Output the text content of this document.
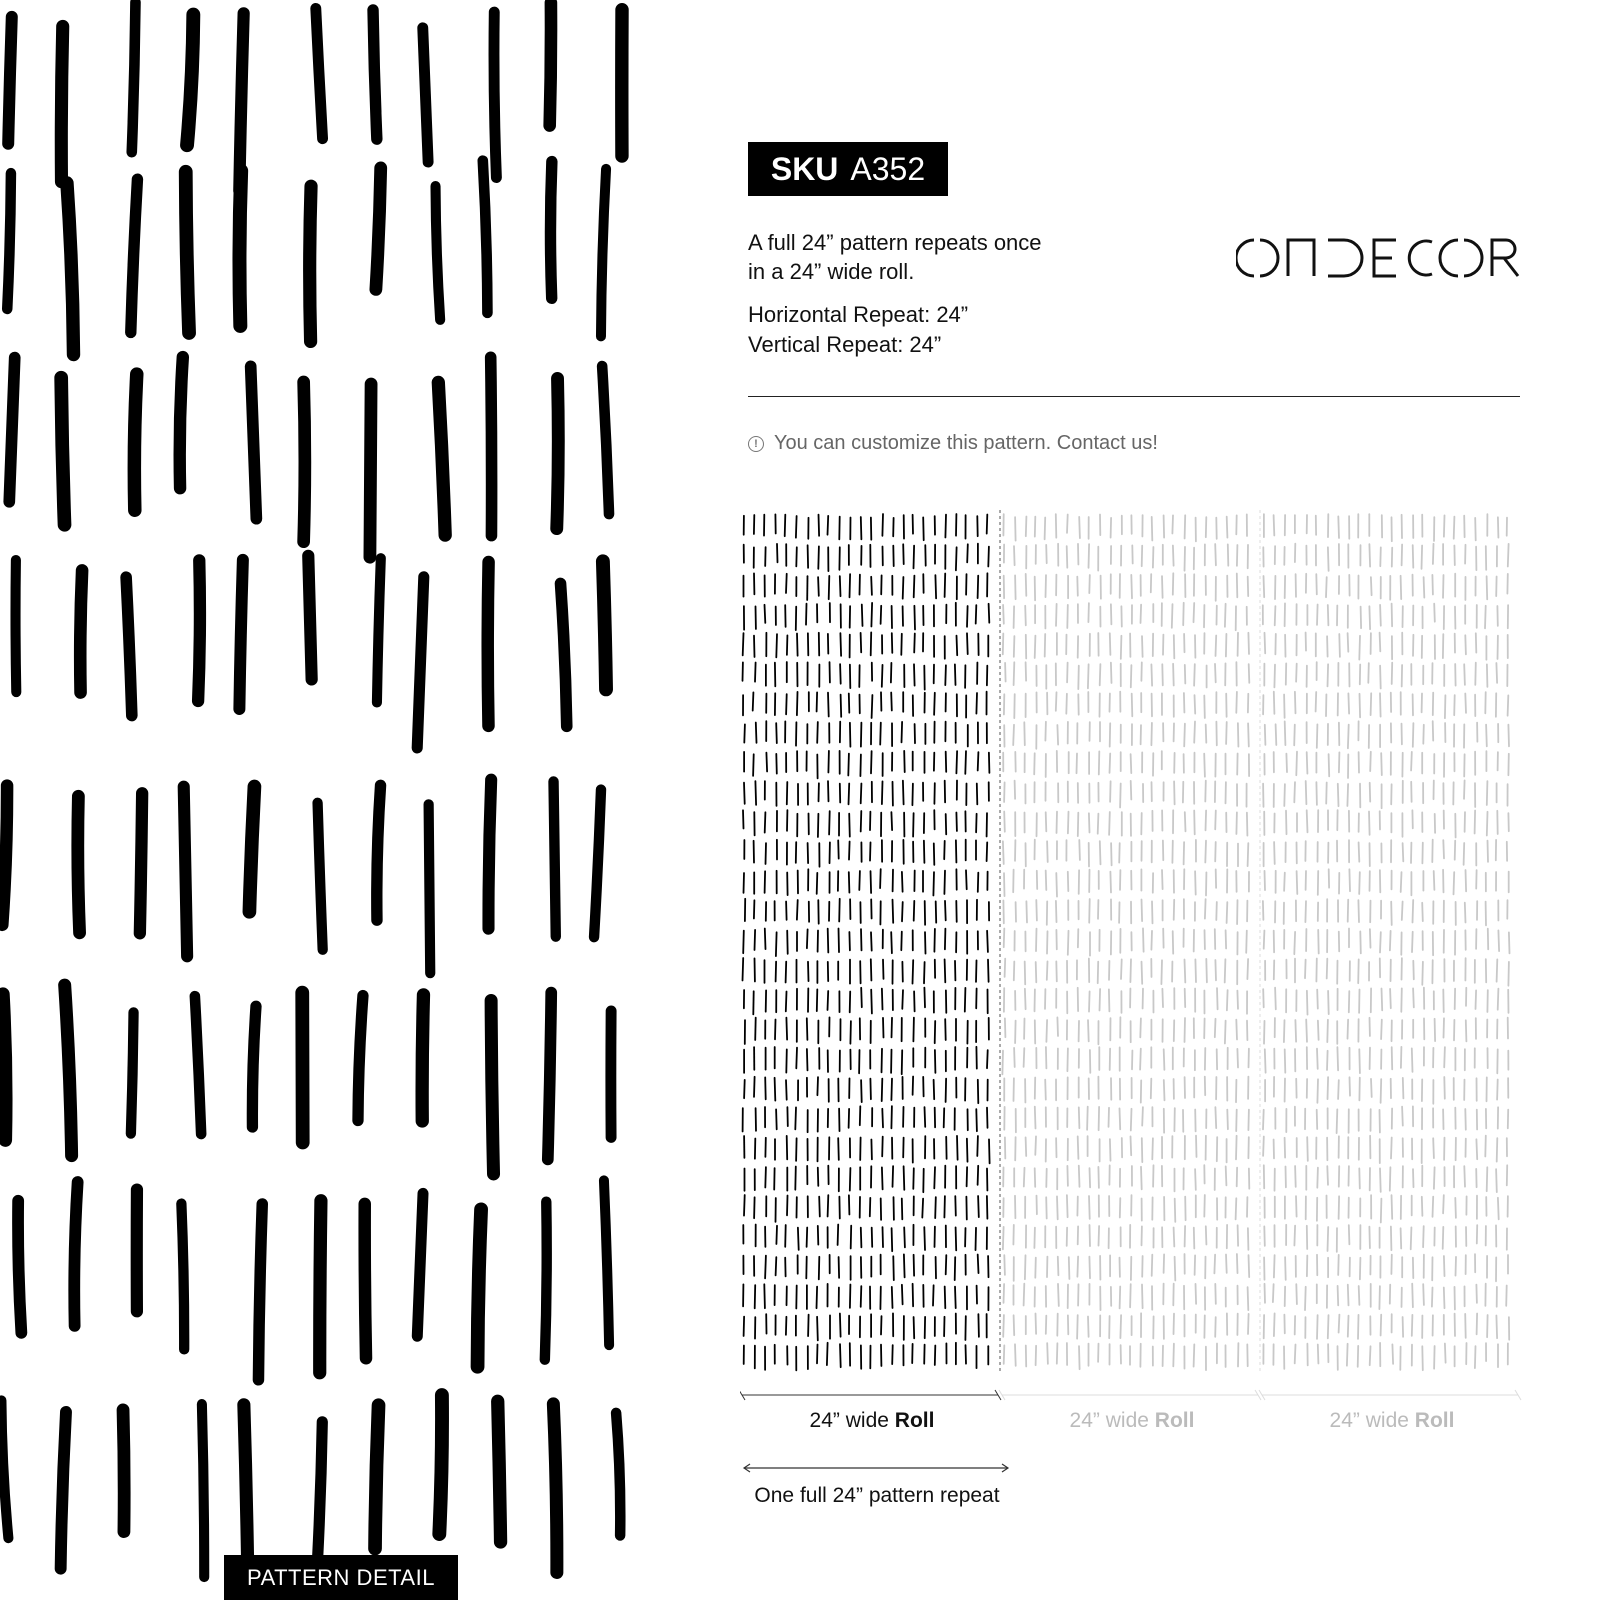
PATTERN DETAIL
SKU A352

A full 24” pattern repeats once

in a 24” wide roll.

Horizontal Repeat: 24”
Vertical Repeat: 24”
! You can customize this pattern. Contact us!
24” wide Roll	24” wide Roll	24” wide Roll
One full 24” pattern repeat
